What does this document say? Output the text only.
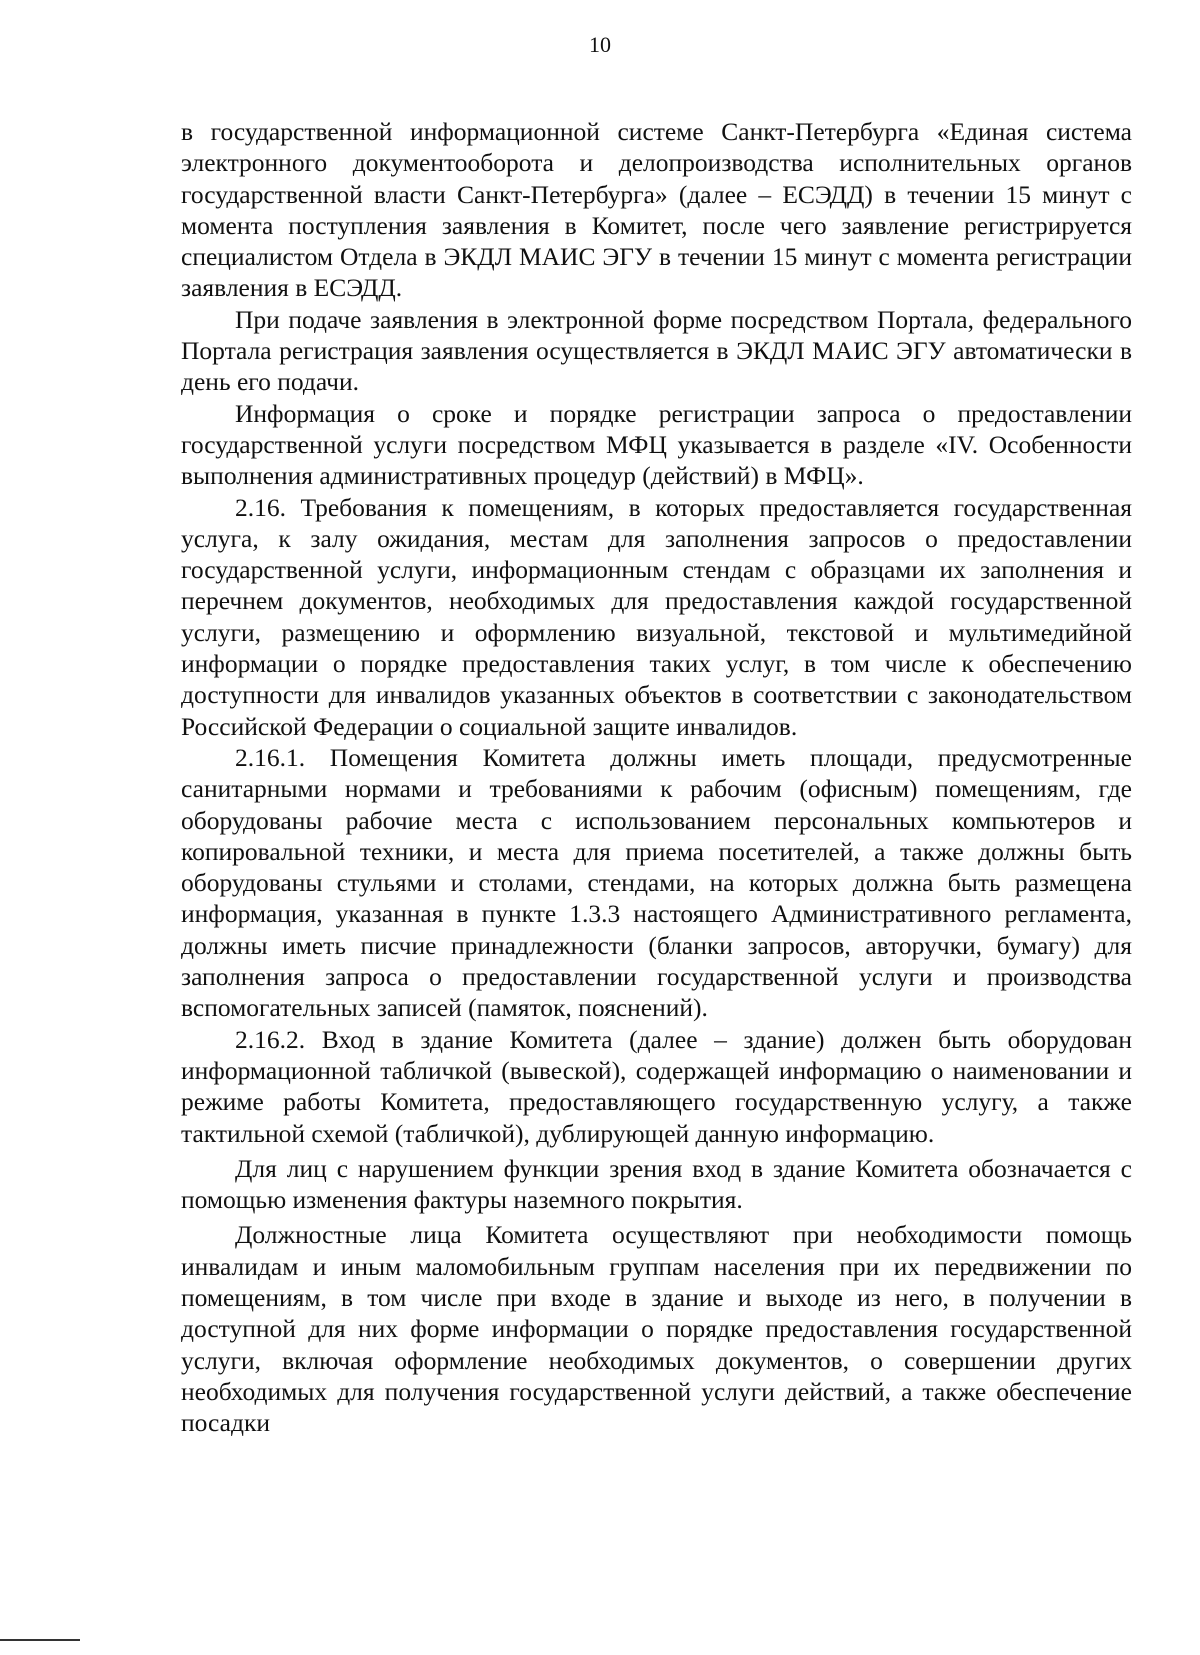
10

в государственной информационной системе Санкт-Петербурга «Единая система электронного документооборота и делопроизводства исполнительных органов государственной власти Санкт-Петербурга» (далее – ЕСЭДД) в течении 15 минут с момента поступления заявления в Комитет, после чего заявление регистрируется специалистом Отдела в ЭКДЛ МАИС ЭГУ в течении 15 минут с момента регистрации заявления в ЕСЭДД.

При подаче заявления в электронной форме посредством Портала, федерального Портала регистрация заявления осуществляется в ЭКДЛ МАИС ЭГУ автоматически в день его подачи.

Информация о сроке и порядке регистрации запроса о предоставлении государственной услуги посредством МФЦ указывается в разделе «IV. Особенности выполнения административных процедур (действий) в МФЦ».

2.16. Требования к помещениям, в которых предоставляется государственная услуга, к залу ожидания, местам для заполнения запросов о предоставлении государственной услуги, информационным стендам с образцами их заполнения и перечнем документов, необходимых для предоставления каждой государственной услуги, размещению и оформлению визуальной, текстовой и мультимедийной информации о порядке предоставления таких услуг, в том числе к обеспечению доступности для инвалидов указанных объектов в соответствии с законодательством Российской Федерации о социальной защите инвалидов.

2.16.1. Помещения Комитета должны иметь площади, предусмотренные санитарными нормами и требованиями к рабочим (офисным) помещениям, где оборудованы рабочие места с использованием персональных компьютеров и копировальной техники, и места для приема посетителей, а также должны быть оборудованы стульями и столами, стендами, на которых должна быть размещена информация, указанная в пункте 1.3.3 настоящего Административного регламента, должны иметь писчие принадлежности (бланки запросов, авторучки, бумагу) для заполнения запроса о предоставлении государственной услуги и производства вспомогательных записей (памяток, пояснений).

2.16.2. Вход в здание Комитета (далее – здание) должен быть оборудован информационной табличкой (вывеской), содержащей информацию о наименовании и режиме работы Комитета, предоставляющего государственную услугу, а также тактильной схемой (табличкой), дублирующей данную информацию.

Для лиц с нарушением функции зрения вход в здание Комитета обозначается с помощью изменения фактуры наземного покрытия.

Должностные лица Комитета осуществляют при необходимости помощь инвалидам и иным маломобильным группам населения при их передвижении по помещениям, в том числе при входе в здание и выходе из него, в получении в доступной для них форме информации о порядке предоставления государственной услуги, включая оформление необходимых документов, о совершении других необходимых для получения государственной услуги действий, а также обеспечение посадки
